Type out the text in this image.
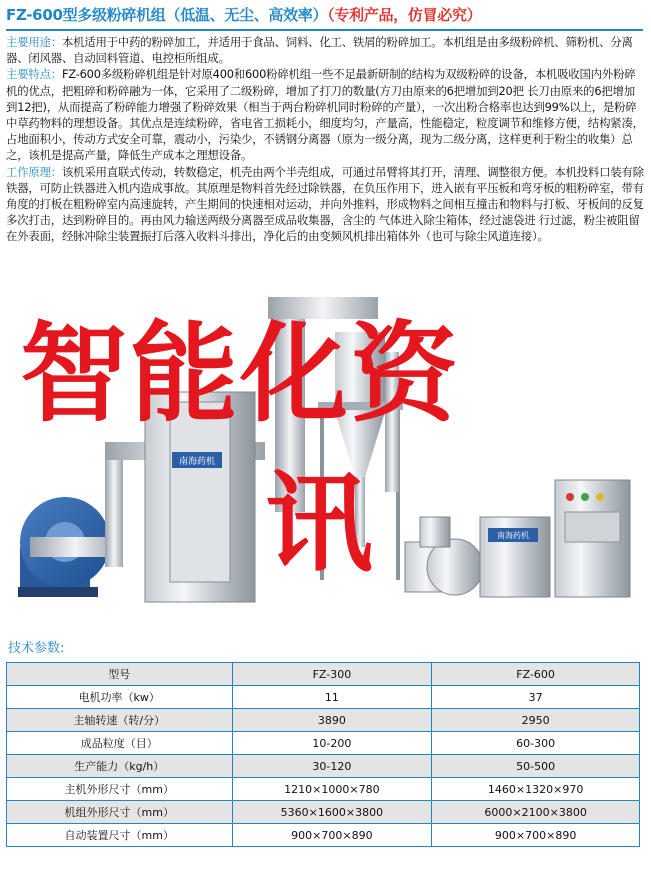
FZ-600型多级粉碎机组（低温、无尘、高效率）（专利产品，仿冒必究）

主要用途：本机适用于中药的粉碎加工，并适用于食品、饲料、化工、铁屑的粉碎加工。本机组是由多级粉碎机、筛粉机、分离器、闭风器、自动回料管道、电控柜所组成。

主要特点：FZ-600多级粉碎机组是针对原400和600粉碎机组一些不足最新研制的结构为双级粉碎的设备，本机吸收国内外粉碎机的优点，把粗碎和粉碎融为一体，它采用了二级粉碎，增加了打刀的数量(方刀由原来的6把增加到20把 长刀由原来的6把增加到12把)，从而提高了粉碎能力增强了粉碎效果（相当于两台粉碎机同时粉碎的产量），一次出粉合格率也达到99%以上，是粉碎中草药物料的理想设备。其优点是连续粉碎，省电省工损耗小，细度均匀，产量高，性能稳定，粒度调节和维修方便，结构紧凑，占地面积小，传动方式安全可靠，震动小，污染少，不锈钢分离器（原为一级分离，现为二级分离，这样更利于粉尘的收集）总之，该机是提高产量，降低生产成本之理想设备。

工作原理：该机采用直联式传动，转数稳定，机壳由两个半壳组成，可通过吊臂将其打开，清理、调整很方便。本机投料口装有除铁器，可防止铁器进入机内造成事故。其原理是物料首先经过除铁器，在负压作用下，进入嵌有平压板和弯牙板的粗粉碎室，带有角度的打板在粗粉碎室内高速旋转，产生期间的快速相对运动，并向外推料，形成物料之间相互撞击和物料与打板、牙板间的反复多次打击，达到粉碎目的。再由风力输送两级分离器至成品收集器，含尘的 气体进入除尘箱体，经过滤袋进 行过滤，粉尘被阻留在外表面，经脉冲除尘装置振打后落入收料斗排出，净化后的由变频风机排出箱体外（也可与除尘风道连接）。

南海药机
南海药机
智能化资
讯
技术参数:
型号	FZ-300	FZ-600
电机功率（kw）	11	37
主轴转速（转/分）	3890	2950
成品粒度（目）	10-200	60-300
生产能力（kg/h）	30-120	50-500
主机外形尺寸（mm）	1210×1000×780	1460×1320×970
机组外形尺寸（mm）	5360×1600×3800	6000×2100×3800
自动装置尺寸（mm）	900×700×890	900×700×890
